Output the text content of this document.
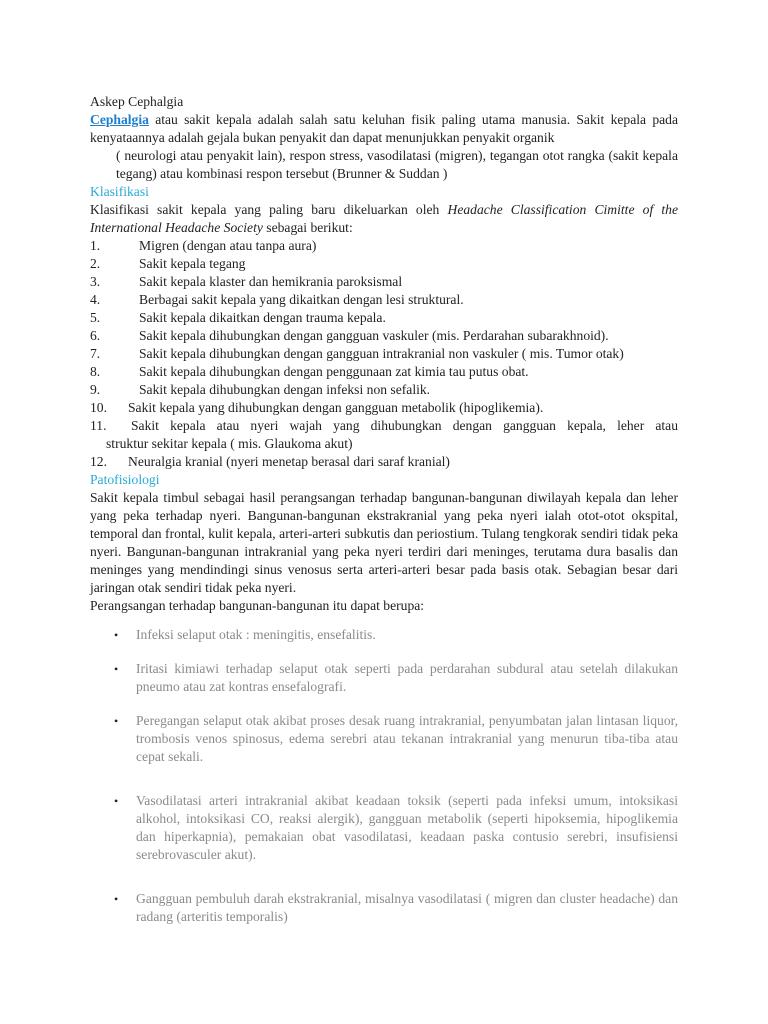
Askep Cephalgia

Cephalgia atau sakit kepala adalah salah satu keluhan fisik paling utama manusia. Sakit kepala pada kenyataannya adalah gejala bukan penyakit dan dapat menunjukkan penyakit organik

( neurologi atau penyakit lain), respon stress, vasodilatasi (migren), tegangan otot rangka (sakit kepala tegang) atau kombinasi respon tersebut (Brunner & Suddan )

Klasifikasi

Klasifikasi sakit kepala yang paling baru dikeluarkan oleh Headache Classification Cimitte of the International Headache Society sebagai berikut:

1.	Migren (dengan atau tanpa aura)
2.	Sakit kepala tegang
3.	Sakit kepala klaster dan hemikrania paroksismal
4.	Berbagai sakit kepala yang dikaitkan dengan lesi struktural.
5.	Sakit kepala dikaitkan dengan trauma kepala.
6.	Sakit kepala dihubungkan dengan gangguan vaskuler (mis. Perdarahan subarakhnoid).
7.	Sakit kepala dihubungkan dengan gangguan intrakranial non vaskuler ( mis. Tumor otak)
8.	Sakit kepala dihubungkan dengan penggunaan zat kimia tau putus obat.
9.	Sakit kepala dihubungkan dengan infeksi non sefalik.
10.	Sakit kepala yang dihubungkan dengan gangguan metabolik (hipoglikemia).
11.	Sakit kepala atau nyeri wajah yang dihubungkan dengan gangguan kepala, leher atau
struktur sekitar kepala ( mis. Glaukoma akut)
12.	Neuralgia kranial (nyeri menetap berasal dari saraf kranial)

Patofisiologi

Sakit kepala timbul sebagai hasil perangsangan terhadap bangunan-bangunan diwilayah kepala dan leher yang peka terhadap nyeri. Bangunan-bangunan ekstrakranial yang peka nyeri ialah otot-otot okspital, temporal dan frontal, kulit kepala, arteri-arteri subkutis dan periostium. Tulang tengkorak sendiri tidak peka nyeri. Bangunan-bangunan intrakranial yang peka nyeri terdiri dari meninges, terutama dura basalis dan meninges yang mendindingi sinus venosus serta arteri-arteri besar pada basis otak. Sebagian besar dari jaringan otak sendiri tidak peka nyeri.

Perangsangan terhadap bangunan-bangunan itu dapat berupa:

• Infeksi selaput otak : meningitis, ensefalitis.
• Iritasi kimiawi terhadap selaput otak seperti pada perdarahan subdural atau setelah dilakukan pneumo atau zat kontras ensefalografi.
• Peregangan selaput otak akibat proses desak ruang intrakranial, penyumbatan jalan lintasan liquor, trombosis venos spinosus, edema serebri atau tekanan intrakranial yang menurun tiba-tiba atau cepat sekali.
• Vasodilatasi arteri intrakranial akibat keadaan toksik (seperti pada infeksi umum, intoksikasi alkohol, intoksikasi CO, reaksi alergik), gangguan metabolik (seperti hipoksemia, hipoglikemia dan hiperkapnia), pemakaian obat vasodilatasi, keadaan paska contusio serebri, insufisiensi serebrovasculer akut).
• Gangguan pembuluh darah ekstrakranial, misalnya vasodilatasi ( migren dan cluster headache) dan radang (arteritis temporalis)
